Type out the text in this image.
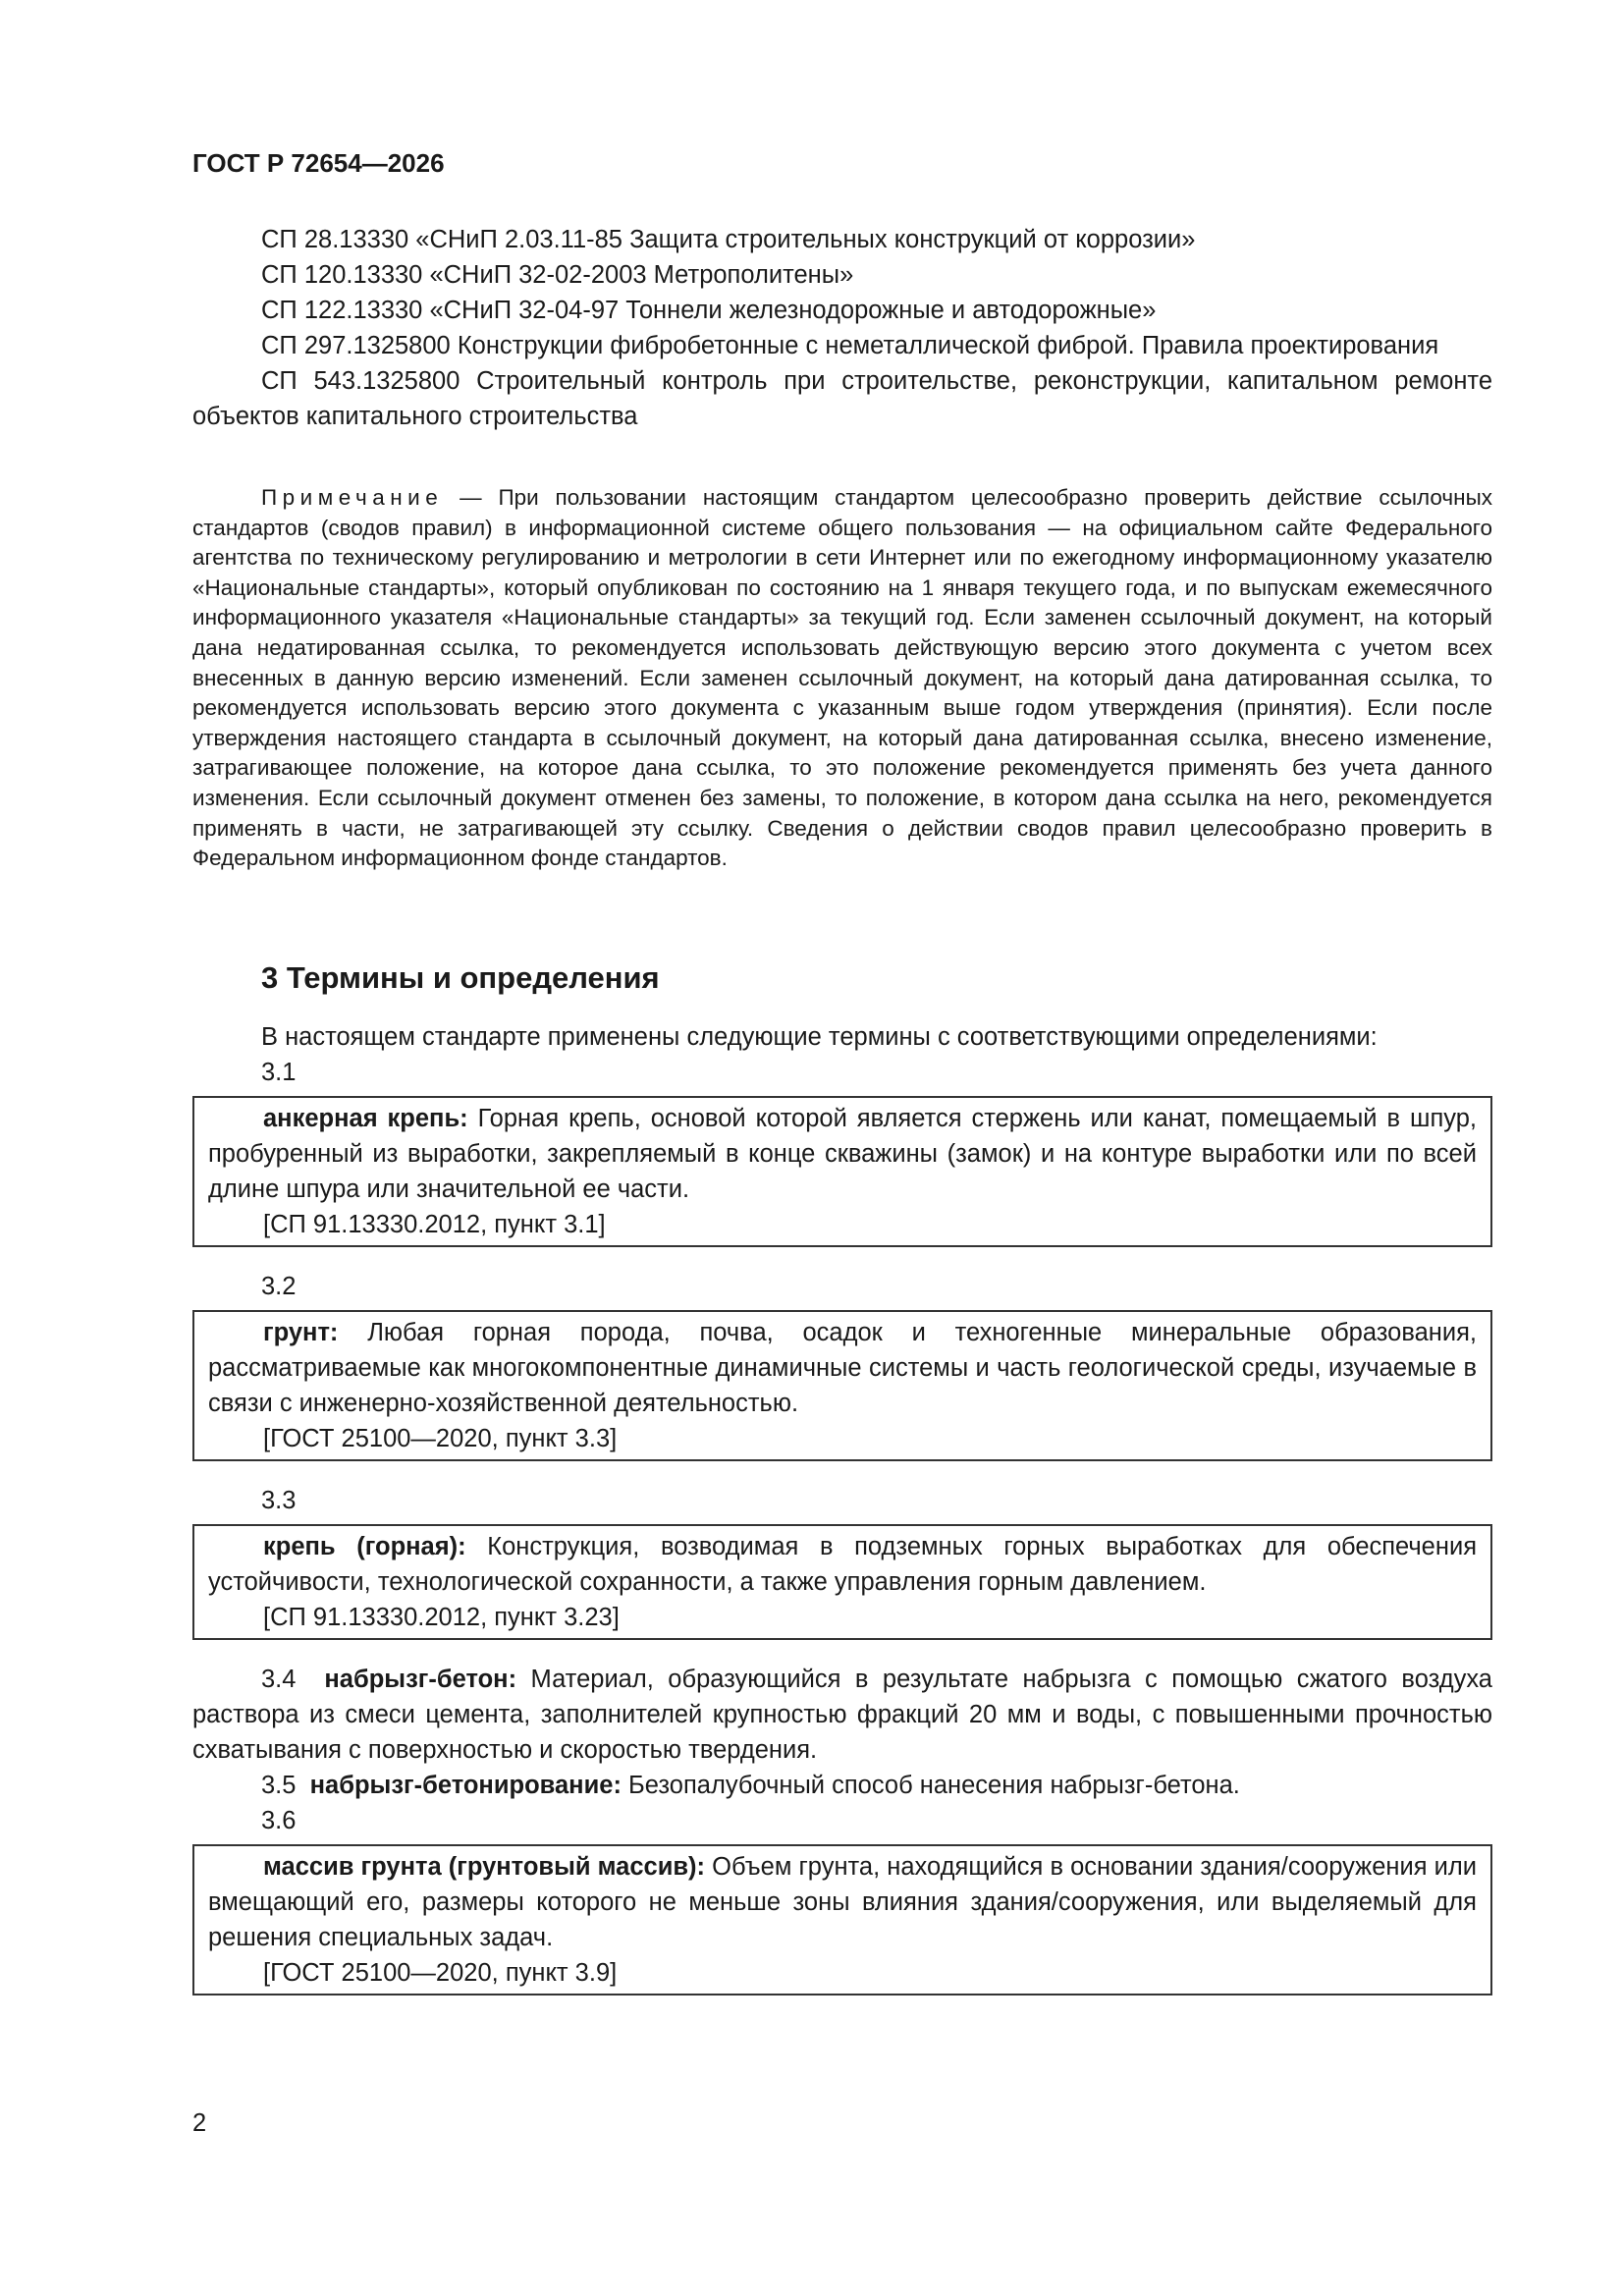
ГОСТ Р 72654—2026

СП 28.13330 «СНиП 2.03.11-85 Защита строительных конструкций от коррозии»

СП 120.13330 «СНиП 32-02-2003 Метрополитены»

СП 122.13330 «СНиП 32-04-97 Тоннели железнодорожные и автодорожные»

СП 297.1325800 Конструкции фибробетонные с неметаллической фиброй. Правила проектирования

СП 543.1325800 Строительный контроль при строительстве, реконструкции, капитальном ремонте объектов капитального строительства

Примечание — При пользовании настоящим стандартом целесообразно проверить действие ссылочных стандартов (сводов правил) в информационной системе общего пользования — на официальном сайте Федерального агентства по техническому регулированию и метрологии в сети Интернет или по ежегодному информационному указателю «Национальные стандарты», который опубликован по состоянию на 1 января текущего года, и по выпускам ежемесячного информационного указателя «Национальные стандарты» за текущий год. Если заменен ссылочный документ, на который дана недатированная ссылка, то рекомендуется использовать действующую версию этого документа с учетом всех внесенных в данную версию изменений. Если заменен ссылочный документ, на который дана датированная ссылка, то рекомендуется использовать версию этого документа с указанным выше годом утверждения (принятия). Если после утверждения настоящего стандарта в ссылочный документ, на который дана датированная ссылка, внесено изменение, затрагивающее положение, на которое дана ссылка, то это положение рекомендуется применять без учета данного изменения. Если ссылочный документ отменен без замены, то положение, в котором дана ссылка на него, рекомендуется применять в части, не затрагивающей эту ссылку. Сведения о действии сводов правил целесообразно проверить в Федеральном информационном фонде стандартов.

3 Термины и определения

В настоящем стандарте применены следующие термины с соответствующими определениями:

3.1

анкерная крепь: Горная крепь, основой которой является стержень или канат, помещаемый в шпур, пробуренный из выработки, закрепляемый в конце скважины (замок) и на контуре выработки или по всей длине шпура или значительной ее части.

[СП 91.13330.2012, пункт 3.1]
3.2

грунт: Любая горная порода, почва, осадок и техногенные минеральные образования, рассматриваемые как многокомпонентные динамичные системы и часть геологической среды, изучаемые в связи с инженерно-хозяйственной деятельностью.

[ГОСТ 25100—2020, пункт 3.3]
3.3

крепь (горная): Конструкция, возводимая в подземных горных выработках для обеспечения устойчивости, технологической сохранности, а также управления горным давлением.

[СП 91.13330.2012, пункт 3.23]

3.4 набрызг-бетон: Материал, образующийся в результате набрызга с помощью сжатого воздуха раствора из смеси цемента, заполнителей крупностью фракций 20 мм и воды, с повышенными прочностью схватывания с поверхностью и скоростью твердения.

3.5 набрызг-бетонирование: Безопалубочный способ нанесения набрызг-бетона.

3.6

массив грунта (грунтовый массив): Объем грунта, находящийся в основании здания/сооружения или вмещающий его, размеры которого не меньше зоны влияния здания/сооружения, или выделяемый для решения специальных задач.

[ГОСТ 25100—2020, пункт 3.9]
2
